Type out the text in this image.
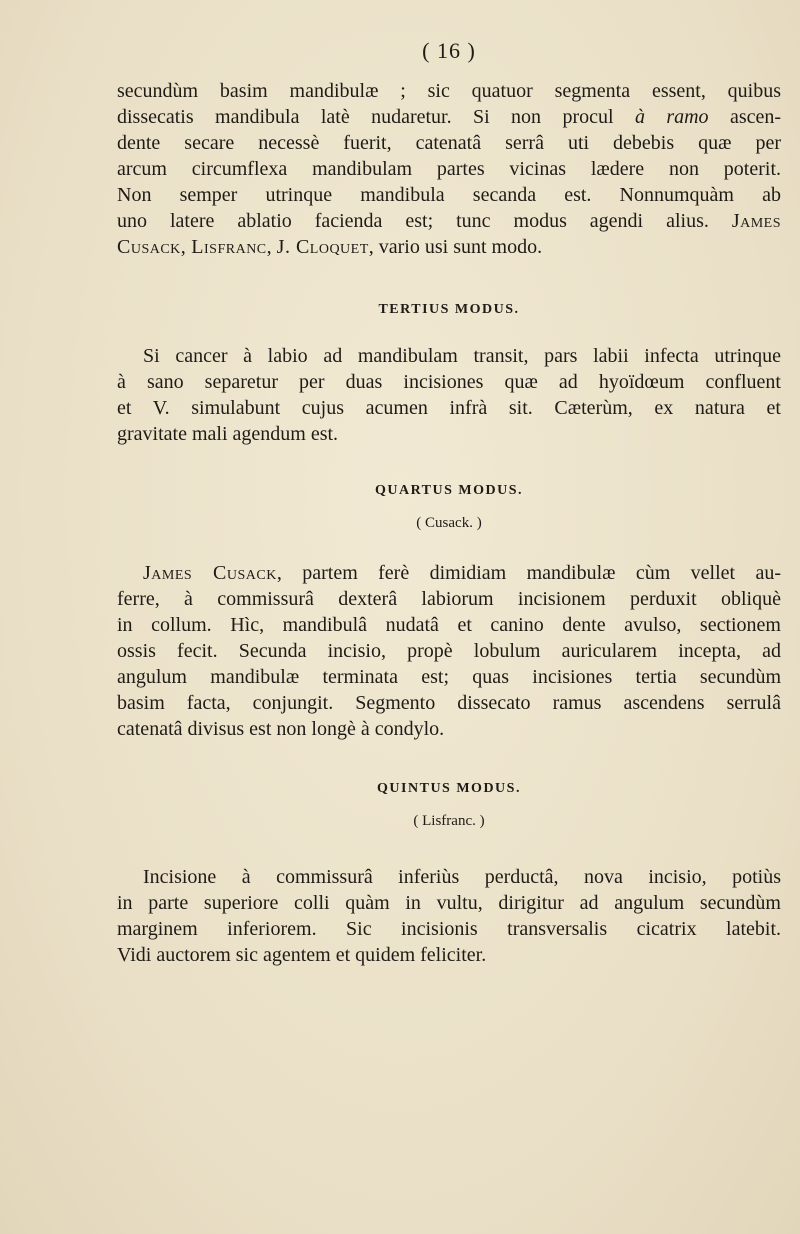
( 16 )
secundùm basim mandibulæ ; sic quatuor segmenta essent, quibus
dissecatis mandibula latè nudaretur. Si non procul à ramo ascen-
dente secare necessè fuerit, catenatâ serrâ uti debebis quæ per
arcum circumflexa mandibulam partes vicinas lædere non poterit.
Non semper utrinque mandibula secanda est. Nonnumquàm ab
uno latere ablatio facienda est; tunc modus agendi alius. James
Cusack, Lisfranc, J. Cloquet, vario usi sunt modo.
TERTIUS MODUS.
Si cancer à labio ad mandibulam transit, pars labii infecta utrinque
à sano separetur per duas incisiones quæ ad hyoïdœum confluent
et V. simulabunt cujus acumen infrà sit. Cæterùm, ex natura et
gravitate mali agendum est.
QUARTUS MODUS.
( Cusack. )
James Cusack, partem ferè dimidiam mandibulæ cùm vellet au-
ferre, à commissurâ dexterâ labiorum incisionem perduxit obliquè
in collum. Hìc, mandibulâ nudatâ et canino dente avulso, sectionem
ossis fecit. Secunda incisio, propè lobulum auricularem incepta, ad
angulum mandibulæ terminata est; quas incisiones tertia secundùm
basim facta, conjungit. Segmento dissecato ramus ascendens serrulâ
catenatâ divisus est non longè à condylo.
QUINTUS MODUS.
( Lisfranc. )
Incisione à commissurâ inferiùs perductâ, nova incisio, potiùs
in parte superiore colli quàm in vultu, dirigitur ad angulum secundùm
marginem inferiorem. Sic incisionis transversalis cicatrix latebit.
Vidi auctorem sic agentem et quidem feliciter.
